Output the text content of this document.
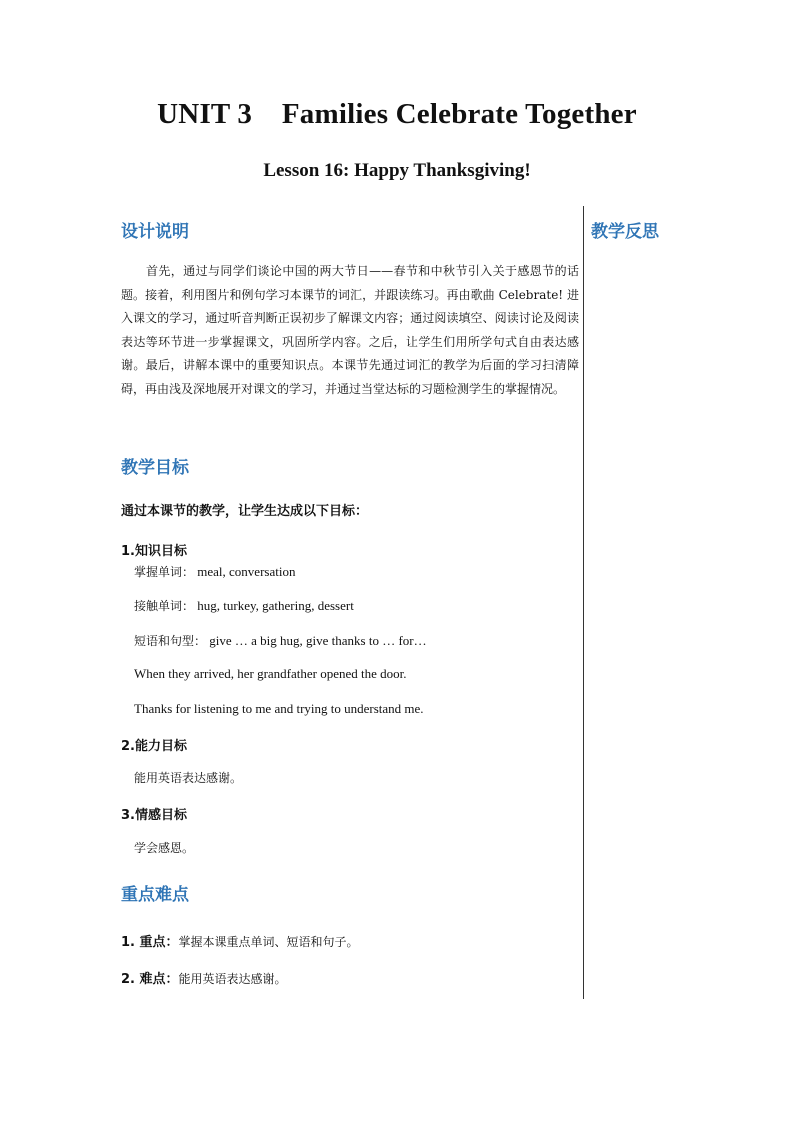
UNIT 3    Families Celebrate Together
Lesson 16: Happy Thanksgiving!
设计说明	教学反思

首先，通过与同学们谈论中国的两大节日——春节和中秋节引入关于感恩节的话题。接着，利用图片和例句学习本课节的词汇，并跟读练习。再由歌曲 Celebrate! 进入课文的学习，通过听音判断正误初步了解课文内容；通过阅读填空、阅读讨论及阅读表达等环节进一步掌握课文，巩固所学内容。之后，让学生们用所学句式自由表达感谢。最后，讲解本课中的重要知识点。本课节先通过词汇的教学为后面的学习扫清障碍，再由浅及深地展开对课文的学习，并通过当堂达标的习题检测学生的掌握情况。

教学目标
通过本课节的教学，让学生达成以下目标：
1.知识目标
掌握单词： meal, conversation
接触单词： hug, turkey, gathering, dessert
短语和句型： give … a big hug, give thanks to … for…
When they arrived, her grandfather opened the door.
Thanks for listening to me and trying to understand me.
2.能力目标
能用英语表达感谢。
3.情感目标
学会感恩。
重点难点
1. 重点：掌握本课重点单词、短语和句子。
2. 难点：能用英语表达感谢。
